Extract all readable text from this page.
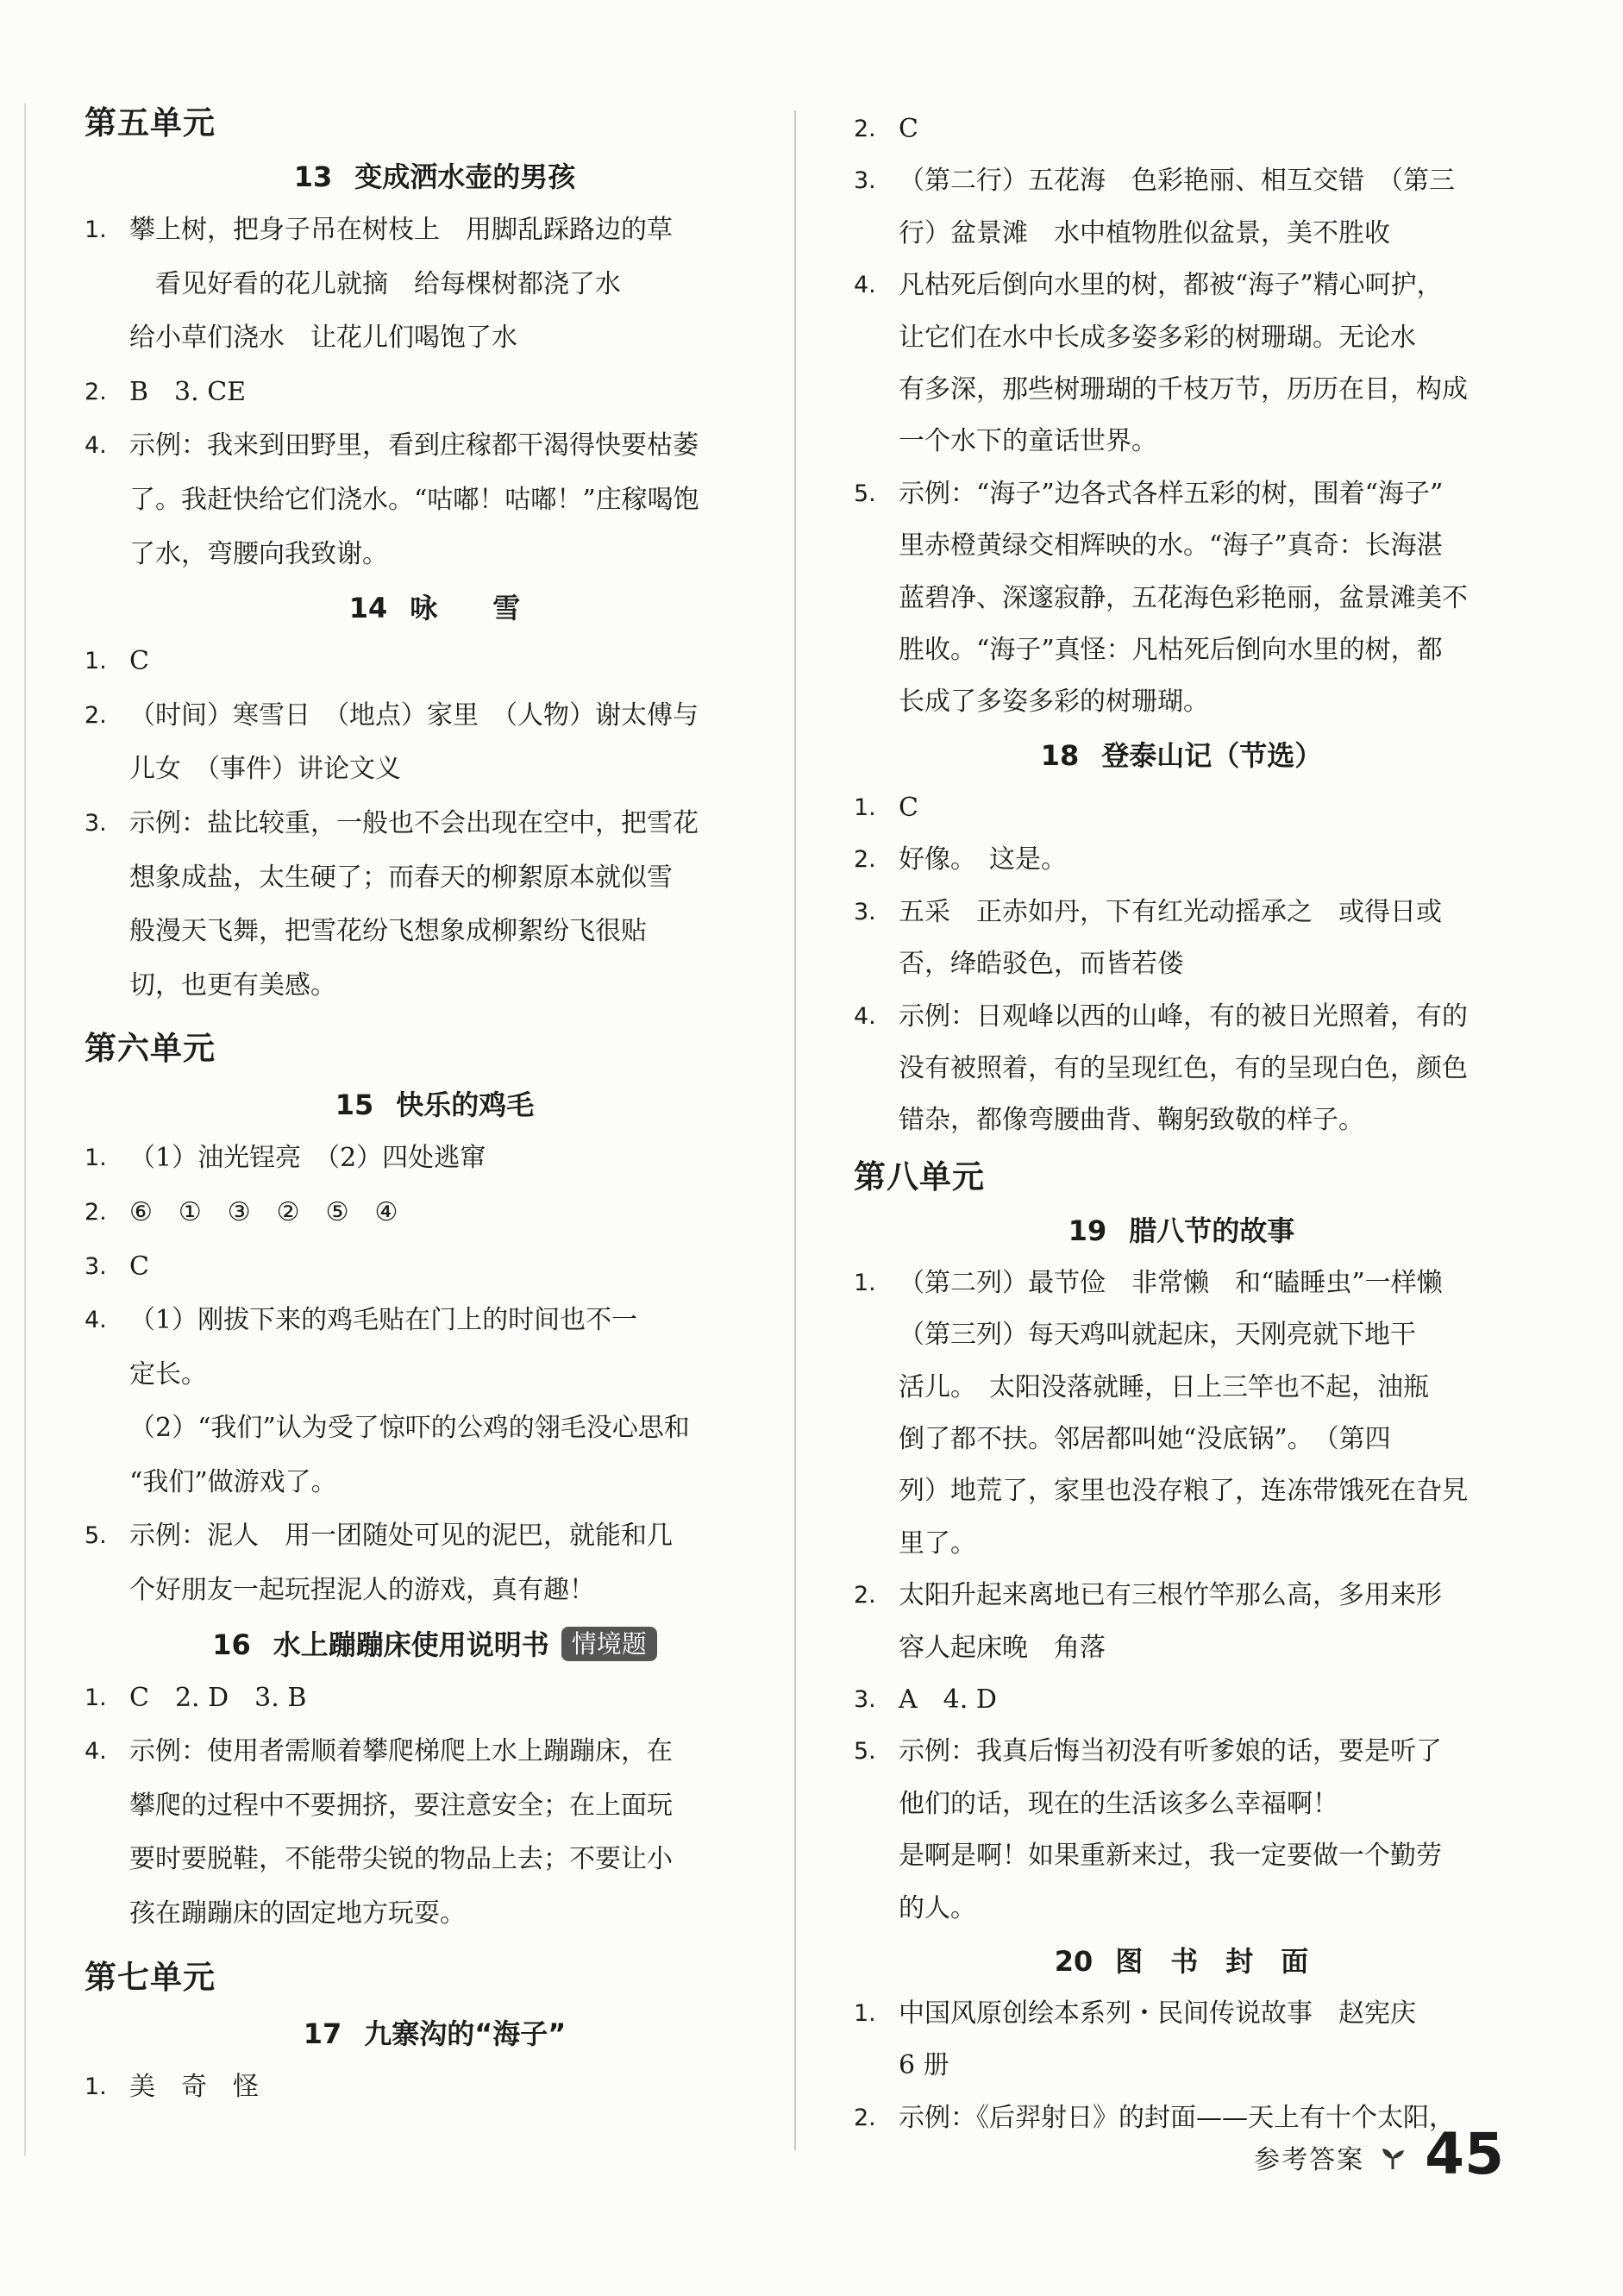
第五单元
13 变成洒水壶的男孩
1. 攀上树，把身子吊在树枝上　用脚乱踩路边的草
　看见好看的花儿就摘　给每棵树都浇了水
给小草们浇水　让花儿们喝饱了水
2. B　3. CE
4. 示例：我来到田野里，看到庄稼都干渴得快要枯萎
了。我赶快给它们浇水。“咕嘟！咕嘟！”庄稼喝饱
了水，弯腰向我致谢。
14 咏　　雪
1. C
2. （时间）寒雪日　（地点）家里　（人物）谢太傅与
儿女　（事件）讲论文义
3. 示例：盐比较重，一般也不会出现在空中，把雪花
想象成盐，太生硬了；而春天的柳絮原本就似雪
般漫天飞舞，把雪花纷飞想象成柳絮纷飞很贴
切，也更有美感。
第六单元
15 快乐的鸡毛
1. （1）油光锃亮　（2）四处逃窜
2. ⑥　①　③　②　⑤　④
3. C
4. （1）刚拔下来的鸡毛贴在门上的时间也不一
定长。
（2）“我们”认为受了惊吓的公鸡的翎毛没心思和
“我们”做游戏了。
5. 示例：泥人　用一团随处可见的泥巴，就能和几
个好朋友一起玩捏泥人的游戏，真有趣！
16 水上蹦蹦床使用说明书 情境题
1. C　2. D　3. B
4. 示例：使用者需顺着攀爬梯爬上水上蹦蹦床，在
攀爬的过程中不要拥挤，要注意安全；在上面玩
要时要脱鞋，不能带尖锐的物品上去；不要让小
孩在蹦蹦床的固定地方玩耍。
第七单元
17 九寨沟的“海子”
1. 美　奇　怪
2. C
3. （第二行）五花海　色彩艳丽、相互交错　（第三
行）盆景滩　水中植物胜似盆景，美不胜收
4. 凡枯死后倒向水里的树，都被“海子”精心呵护，
让它们在水中长成多姿多彩的树珊瑚。无论水
有多深，那些树珊瑚的千枝万节，历历在目，构成
一个水下的童话世界。
5. 示例：“海子”边各式各样五彩的树，围着“海子”
里赤橙黄绿交相辉映的水。“海子”真奇：长海湛
蓝碧净、深邃寂静，五花海色彩艳丽，盆景滩美不
胜收。“海子”真怪：凡枯死后倒向水里的树，都
长成了多姿多彩的树珊瑚。
18 登泰山记（节选）
1. C
2. 好像。　这是。
3. 五采　正赤如丹，下有红光动摇承之　或得日或
否，绛皓驳色，而皆若偻
4. 示例：日观峰以西的山峰，有的被日光照着，有的
没有被照着，有的呈现红色，有的呈现白色，颜色
错杂，都像弯腰曲背、鞠躬致敬的样子。
第八单元
19 腊八节的故事
1. （第二列）最节俭　非常懒　和“瞌睡虫”一样懒
（第三列）每天鸡叫就起床，天刚亮就下地干
活儿。　太阳没落就睡，日上三竿也不起，油瓶
倒了都不扶。邻居都叫她“没底锅”。　（第四
列）地荒了，家里也没存粮了，连冻带饿死在旮旯
里了。
2. 太阳升起来离地已有三根竹竿那么高，多用来形
容人起床晚　角落
3. A　4. D
5. 示例：我真后悔当初没有听爹娘的话，要是听了
他们的话，现在的生活该多么幸福啊！
是啊是啊！如果重新来过，我一定要做一个勤劳
的人。
20 图　书　封　面
1. 中国风原创绘本系列・民间传说故事　赵宪庆
6 册
2. 示例：《后羿射日》的封面——天上有十个太阳，
参考答案 45
